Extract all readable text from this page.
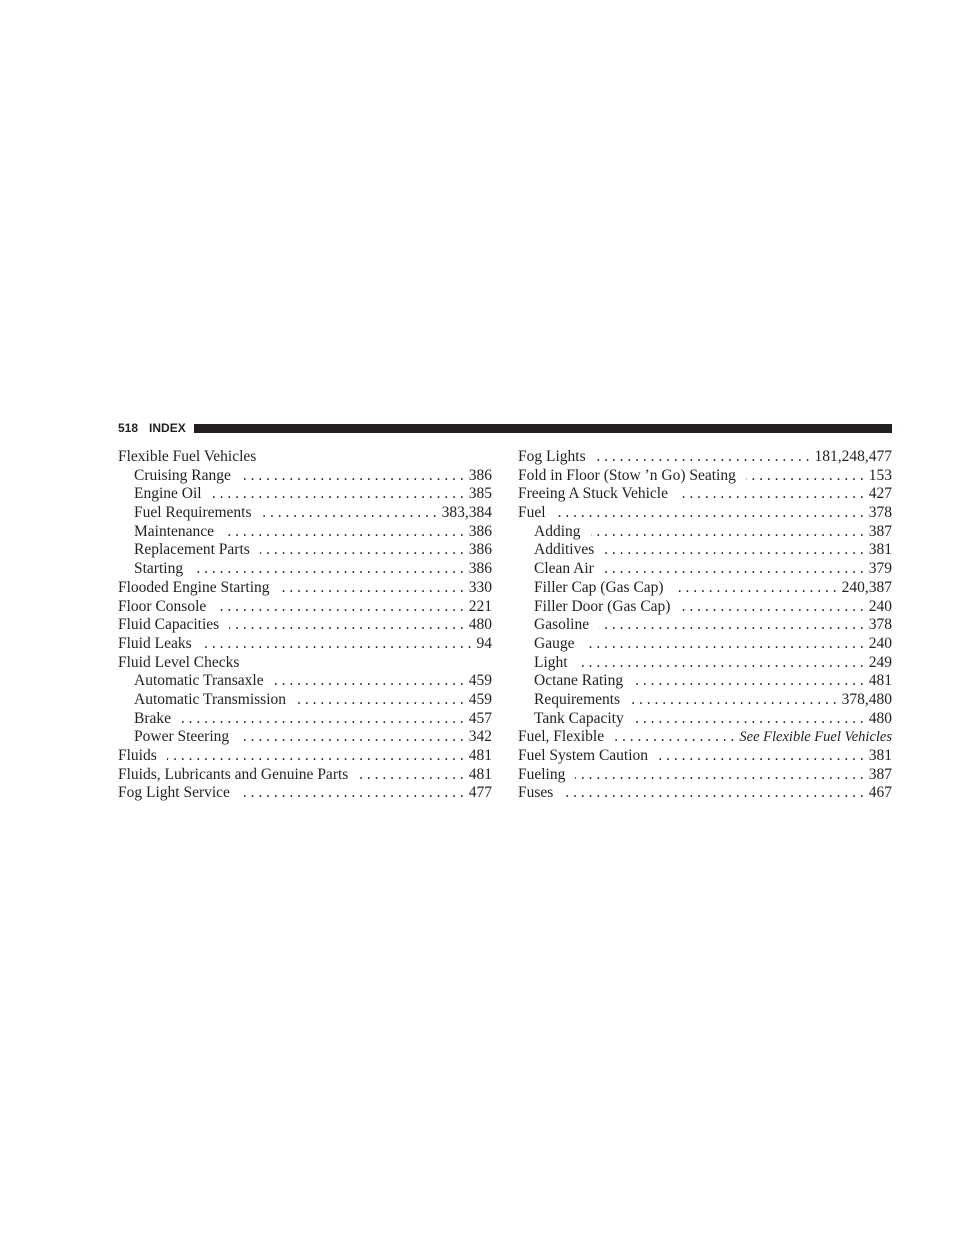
518 INDEX
Flexible Fuel Vehicles
Cruising Range . . .	386
Engine Oil . . .	385
Fuel Requirements . . .	383,384
Maintenance . . .	386
Replacement Parts . . .	386
Starting . . .	386
Flooded Engine Starting . . .	330
Floor Console . . .	221
Fluid Capacities . . .	480
Fluid Leaks . . .	94
Fluid Level Checks
Automatic Transaxle . . .	459
Automatic Transmission . . .	459
Brake . . .	457
Power Steering . . .	342
Fluids . . .	481
Fluids, Lubricants and Genuine Parts . . .	481
Fog Light Service . . .	477
Fog Lights . . .	181,248,477
Fold in Floor (Stow ’n Go) Seating . . .	153
Freeing A Stuck Vehicle . . .	427
Fuel . . .	378
Adding . . .	387
Additives . . .	381
Clean Air . . .	379
Filler Cap (Gas Cap) . . .	240,387
Filler Door (Gas Cap) . . .	240
Gasoline . . .	378
Gauge . . .	240
Light . . .	249
Octane Rating . . .	481
Requirements . . .	378,480
Tank Capacity . . .	480
Fuel, Flexible . . .	See Flexible Fuel Vehicles
Fuel System Caution . . .	381
Fueling . . .	387
Fuses . . .	467
